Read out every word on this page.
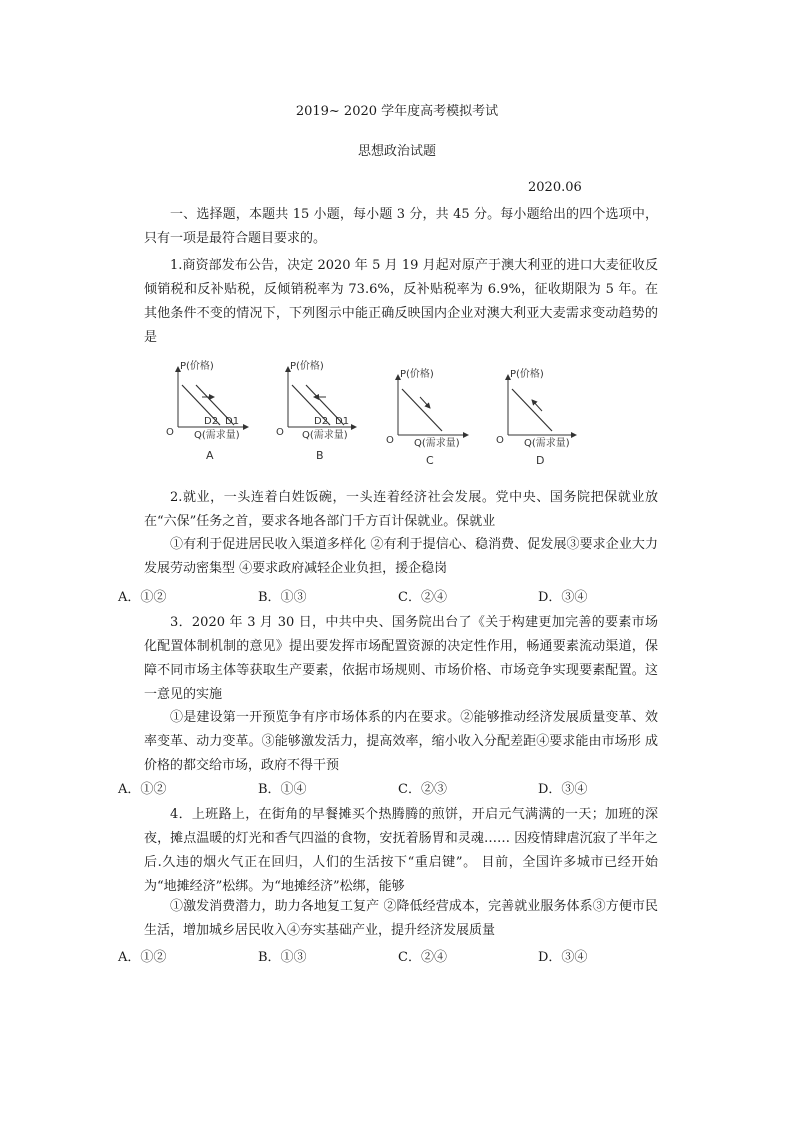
2019~ 2020 学年度高考模拟考试
思想政治试题
2020.06

一、选择题，本题共 15 小题，每小题 3 分，共 45 分。每小题给出的四个选项中，只有一项是最符合题目要求的。

1.商资部发布公告，决定 2020 年 5 月 19 月起对原产于澳大利亚的进口大麦征收反倾销税和反补贴税，反倾销税率为 73.6%，反补贴税率为 6.9%，征收期限为 5 年。在其他条件不变的情况下，下列图示中能正确反映国内企业对澳大利亚大麦需求变动趋势的是

P(价格)
O Q(需求量)
D2 D1
A
P(价格)
O Q(需求量)
D2 D1
B
P(价格)
O Q(需求量)
C
P(价格)
O Q(需求量)
D

2.就业，一头连着白姓饭碗，一头连着经济社会发展。党中央、国务院把保就业放在“六保”任务之首，要求各地各部门千方百计保就业。保就业

①有利于促进居民收入渠道多样化 ②有利于提信心、稳消费、促发展③要求企业大力发展劳动密集型 ④要求政府减轻企业负担，援企稳岗

A．①②	B．①③	C．②④	D．③④

3．2020 年 3 月 30 日，中共中央、国务院出台了《关于构建更加完善的要素市场化配置体制机制的意见》提出要发挥市场配置资源的决定性作用，畅通要素流动渠道，保障不同市场主体等获取生产要素，依据市场规则、市场价格、市场竞争实现要素配置。这一意见的实施

①是建设第一开预览争有序市场体系的内在要求。②能够推动经济发展质量变革、效率变革、动力变革。③能够激发活力，提高效率，缩小收入分配差距④要求能由市场形 成价格的都交给市场，政府不得干预

A．①②	B．①④	C．②③	D．③④

4．上班路上，在街角的早餐摊买个热腾腾的煎饼，开启元气满满的一天；加班的深夜，摊点温暖的灯光和香气四溢的食物，安抚着肠胃和灵魂…… 因疫情肆虐沉寂了半年之后.久违的烟火气正在回归，人们的生活按下“重启键”。 目前，全国许多城市已经开始为“地摊经济”松绑。为“地摊经济”松绑，能够

①激发消费潜力，助力各地复工复产 ②降低经营成本，完善就业服务体系③方便市民生活，增加城乡居民收入④夯实基础产业，提升经济发展质量

A．①②	B．①③	C．②④	D．③④
